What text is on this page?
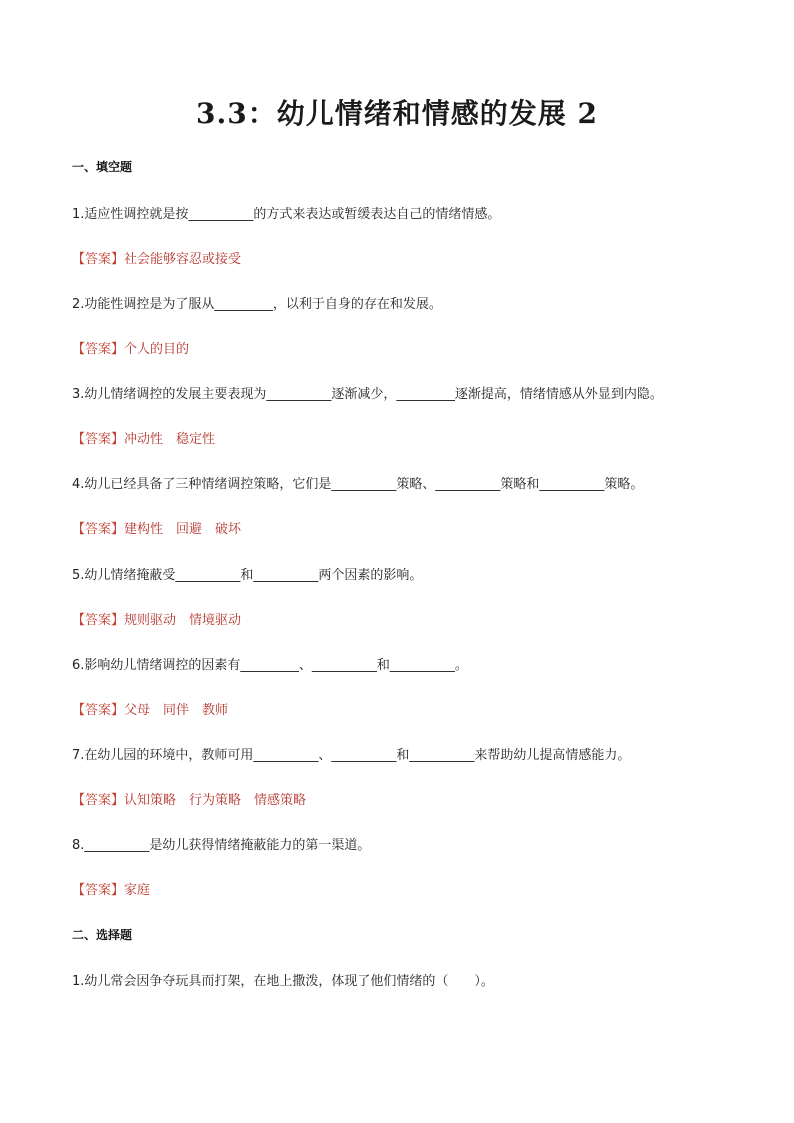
3.3：幼儿情绪和情感的发展 2
一、填空题
1.适应性调控就是按__________的方式来表达或暂缓表达自己的情绪情感。
【答案】社会能够容忍或接受
2.功能性调控是为了服从_________，以利于自身的存在和发展。
【答案】个人的目的
3.幼儿情绪调控的发展主要表现为__________逐渐减少，_________逐渐提高，情绪情感从外显到内隐。
【答案】冲动性　稳定性
4.幼儿已经具备了三种情绪调控策略，它们是__________策略、__________策略和__________策略。
【答案】建构性　回避　破坏
5.幼儿情绪掩蔽受__________和__________两个因素的影响。
【答案】规则驱动　情境驱动
6.影响幼儿情绪调控的因素有_________、__________和__________。
【答案】父母　同伴　教师
7.在幼儿园的环境中，教师可用__________、__________和__________来帮助幼儿提高情感能力。
【答案】认知策略　行为策略　情感策略
8.__________是幼儿获得情绪掩蔽能力的第一渠道。
【答案】家庭
二、选择题
1.幼儿常会因争夺玩具而打架，在地上撒泼，体现了他们情绪的（　　）。
